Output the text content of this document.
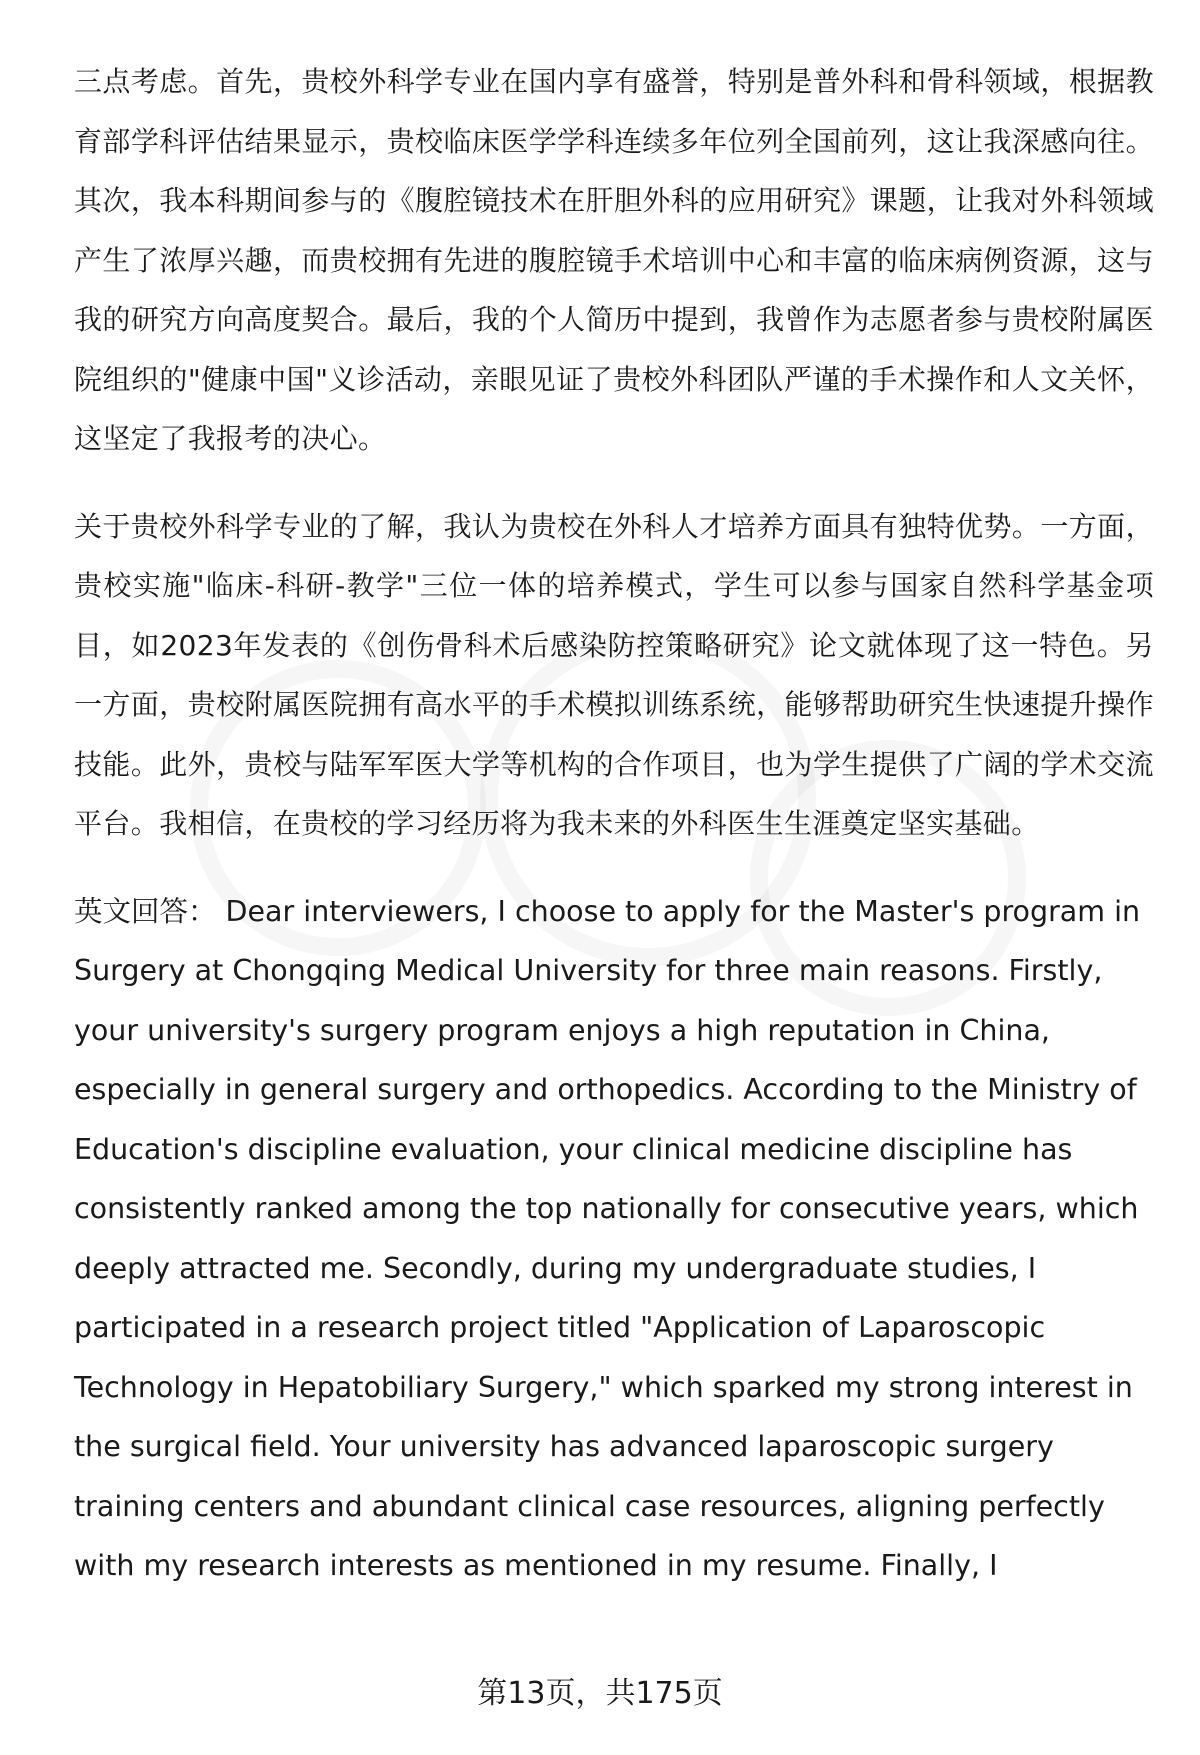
三点考虑。首先，贵校外科学专业在国内享有盛誉，特别是普外科和骨科领域，根据教育部学科评估结果显示，贵校临床医学学科连续多年位列全国前列，这让我深感向往。其次，我本科期间参与的《腹腔镜技术在肝胆外科的应用研究》课题，让我对外科领域产生了浓厚兴趣，而贵校拥有先进的腹腔镜手术培训中心和丰富的临床病例资源，这与我的研究方向高度契合。最后，我的个人简历中提到，我曾作为志愿者参与贵校附属医院组织的"健康中国"义诊活动，亲眼见证了贵校外科团队严谨的手术操作和人文关怀，这坚定了我报考的决心。

关于贵校外科学专业的了解，我认为贵校在外科人才培养方面具有独特优势。一方面，贵校实施"临床-科研-教学"三位一体的培养模式，学生可以参与国家自然科学基金项目，如2023年发表的《创伤骨科术后感染防控策略研究》论文就体现了这一特色。另一方面，贵校附属医院拥有高水平的手术模拟训练系统，能够帮助研究生快速提升操作技能。此外，贵校与陆军军医大学等机构的合作项目，也为学生提供了广阔的学术交流平台。我相信，在贵校的学习经历将为我未来的外科医生生涯奠定坚实基础。

英文回答： Dear interviewers, I choose to apply for the Master's program in Surgery at Chongqing Medical University for three main reasons. Firstly, your university's surgery program enjoys a high reputation in China, especially in general surgery and orthopedics. According to the Ministry of Education's discipline evaluation, your clinical medicine discipline has consistently ranked among the top nationally for consecutive years, which deeply attracted me. Secondly, during my undergraduate studies, I participated in a research project titled "Application of Laparoscopic Technology in Hepatobiliary Surgery," which sparked my strong interest in the surgical field. Your university has advanced laparoscopic surgery training centers and abundant clinical case resources, aligning perfectly with my research interests as mentioned in my resume. Finally, I

第13页，共175页
